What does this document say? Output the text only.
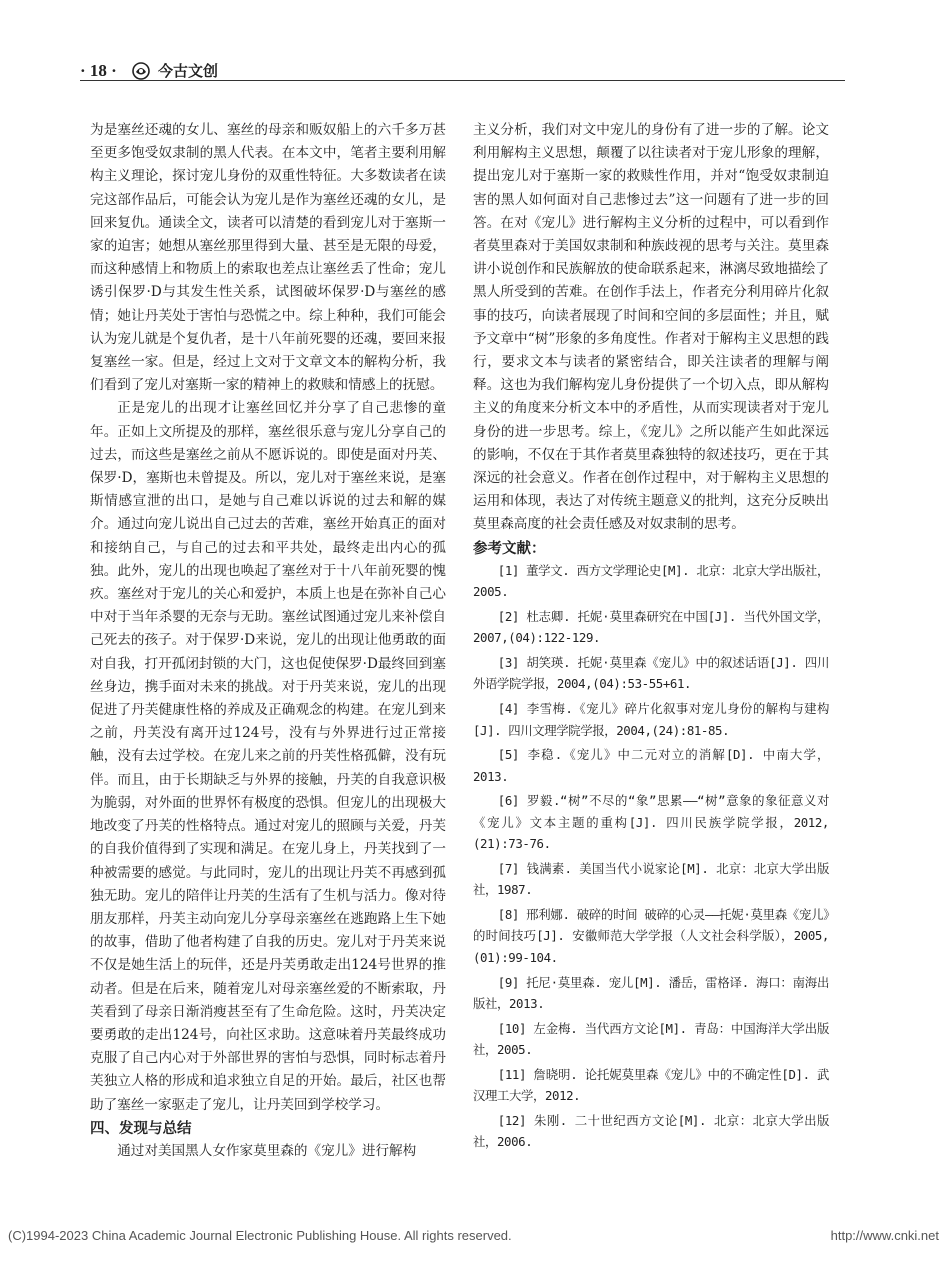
· 18 ·	今古文创

为是塞丝还魂的女儿、塞丝的母亲和贩奴船上的六千多万甚至更多饱受奴隶制的黑人代表。在本文中，笔者主要利用解构主义理论，探讨宠儿身份的双重性特征。大多数读者在读完这部作品后，可能会认为宠儿是作为塞丝还魂的女儿，是回来复仇。通读全文，读者可以清楚的看到宠儿对于塞斯一家的迫害；她想从塞丝那里得到大量、甚至是无限的母爱，而这种感情上和物质上的索取也差点让塞丝丢了性命；宠儿诱引保罗·D与其发生性关系，试图破坏保罗·D与塞丝的感情；她让丹芙处于害怕与恐慌之中。综上种种，我们可能会认为宠儿就是个复仇者，是十八年前死婴的还魂，要回来报复塞丝一家。但是，经过上文对于文章文本的解构分析，我们看到了宠儿对塞斯一家的精神上的救赎和情感上的抚慰。

正是宠儿的出现才让塞丝回忆并分享了自己悲惨的童年。正如上文所提及的那样，塞丝很乐意与宠儿分享自己的过去，而这些是塞丝之前从不愿诉说的。即使是面对丹芙、保罗·D，塞斯也未曾提及。所以，宠儿对于塞丝来说，是塞斯情感宣泄的出口，是她与自己难以诉说的过去和解的媒介。通过向宠儿说出自己过去的苦难，塞丝开始真正的面对和接纳自己，与自己的过去和平共处，最终走出内心的孤独。此外，宠儿的出现也唤起了塞丝对于十八年前死婴的愧疚。塞丝对于宠儿的关心和爱护，本质上也是在弥补自己心中对于当年杀婴的无奈与无助。塞丝试图通过宠儿来补偿自己死去的孩子。对于保罗·D来说，宠儿的出现让他勇敢的面对自我，打开孤闭封锁的大门，这也促使保罗·D最终回到塞丝身边，携手面对未来的挑战。对于丹芙来说，宠儿的出现促进了丹芙健康性格的养成及正确观念的构建。在宠儿到来之前，丹芙没有离开过124号，没有与外界进行过正常接触，没有去过学校。在宠儿来之前的丹芙性格孤僻，没有玩伴。而且，由于长期缺乏与外界的接触，丹芙的自我意识极为脆弱，对外面的世界怀有极度的恐惧。但宠儿的出现极大地改变了丹芙的性格特点。通过对宠儿的照顾与关爱，丹芙的自我价值得到了实现和满足。在宠儿身上，丹芙找到了一种被需要的感觉。与此同时，宠儿的出现让丹芙不再感到孤独无助。宠儿的陪伴让丹芙的生活有了生机与活力。像对待朋友那样，丹芙主动向宠儿分享母亲塞丝在逃跑路上生下她的故事，借助了他者构建了自我的历史。宠儿对于丹芙来说不仅是她生活上的玩伴，还是丹芙勇敢走出124号世界的推动者。但是在后来，随着宠儿对母亲塞丝爱的不断索取，丹芙看到了母亲日渐消瘦甚至有了生命危险。这时，丹芙决定要勇敢的走出124号，向社区求助。这意味着丹芙最终成功克服了自己内心对于外部世界的害怕与恐惧，同时标志着丹芙独立人格的形成和追求独立自足的开始。最后，社区也帮助了塞丝一家驱走了宠儿，让丹芙回到学校学习。

四、发现与总结

通过对美国黑人女作家莫里森的《宠儿》进行解构

主义分析，我们对文中宠儿的身份有了进一步的了解。论文利用解构主义思想，颠覆了以往读者对于宠儿形象的理解，提出宠儿对于塞斯一家的救赎性作用，并对“饱受奴隶制迫害的黑人如何面对自己悲惨过去”这一问题有了进一步的回答。在对《宠儿》进行解构主义分析的过程中，可以看到作者莫里森对于美国奴隶制和种族歧视的思考与关注。莫里森讲小说创作和民族解放的使命联系起来，淋漓尽致地描绘了黑人所受到的苦难。在创作手法上，作者充分利用碎片化叙事的技巧，向读者展现了时间和空间的多层面性；并且，赋予文章中“树”形象的多角度性。作者对于解构主义思想的践行，要求文本与读者的紧密结合，即关注读者的理解与阐释。这也为我们解构宠儿身份提供了一个切入点，即从解构主义的角度来分析文本中的矛盾性，从而实现读者对于宠儿身份的进一步思考。综上，《宠儿》之所以能产生如此深远的影响，不仅在于其作者莫里森独特的叙述技巧，更在于其深远的社会意义。作者在创作过程中，对于解构主义思想的运用和体现，表达了对传统主题意义的批判，这充分反映出莫里森高度的社会责任感及对奴隶制的思考。

参考文献：

[1] 董学文. 西方文学理论史[M]. 北京：北京大学出版社，2005.

[2] 杜志卿. 托妮·莫里森研究在中国[J]. 当代外国文学，2007,(04):122-129.

[3] 胡笑瑛. 托妮·莫里森《宠儿》中的叙述话语[J]. 四川外语学院学报，2004,(04):53-55+61.

[4] 李雪梅.《宠儿》碎片化叙事对宠儿身份的解构与建构[J]. 四川文理学院学报，2004,(24):81-85.

[5] 李稳.《宠儿》中二元对立的消解[D]. 中南大学，2013.

[6] 罗毅.“树”不尽的“象”思累——“树”意象的象征意义对《宠儿》文本主题的重构[J]. 四川民族学院学报，2012,(21):73-76.

[7] 钱满素. 美国当代小说家论[M]. 北京：北京大学出版社，1987.

[8] 邢利娜. 破碎的时间 破碎的心灵——托妮·莫里森《宠儿》的时间技巧[J]. 安徽师范大学学报（人文社会科学版），2005,(01):99-104.

[9] 托尼·莫里森. 宠儿[M]. 潘岳，雷格译. 海口：南海出版社，2013.

[10] 左金梅. 当代西方文论[M]. 青岛：中国海洋大学出版社，2005.

[11] 詹晓明. 论托妮莫里森《宠儿》中的不确定性[D]. 武汉理工大学，2012.

[12] 朱刚. 二十世纪西方文论[M]. 北京：北京大学出版社，2006.

(C)1994-2023 China Academic Journal Electronic Publishing House. All rights reserved.	http://www.cnki.net
